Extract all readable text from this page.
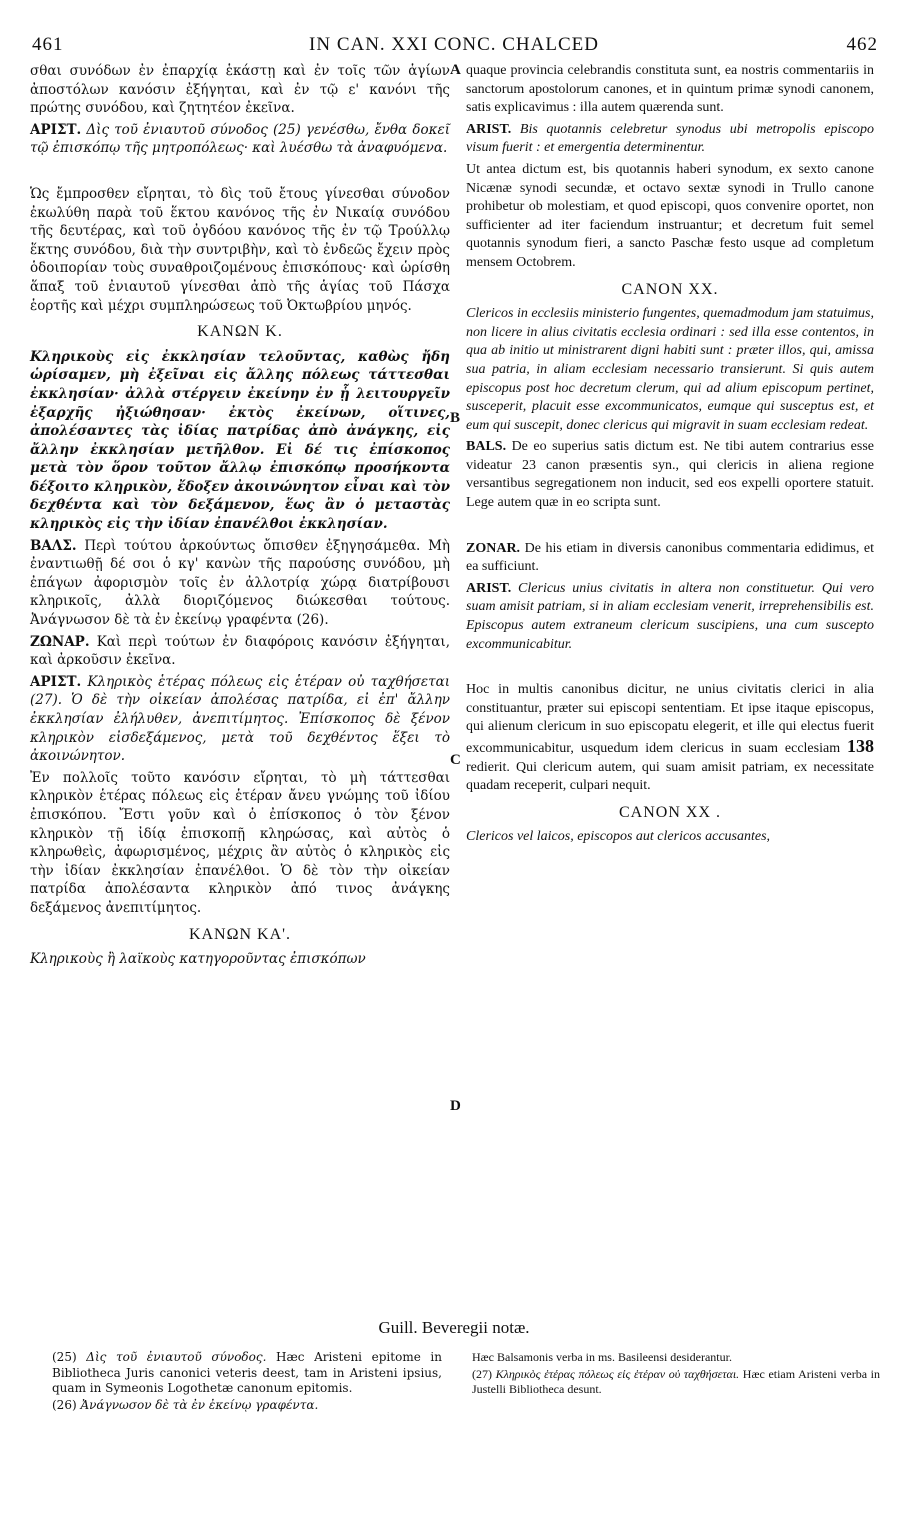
461	IN CAN. XXI CONC. CHALCED	462
A
B
C
D

σθαι συνόδων ἐν ἐπαρχίᾳ ἑκάστῃ καὶ ἐν τοῖς τῶν ἁγίων ἀποστόλων κανόσιν ἐξήγηται, καὶ ἐν τῷ ε' κανόνι τῆς πρώτης συνόδου, καὶ ζητητέον ἐκεῖνα.

ΑΡΙΣΤ. Δὶς τοῦ ἐνιαυτοῦ σύνοδος (25) γενέσθω, ἔνθα δοκεῖ τῷ ἐπισκόπῳ τῆς μητροπόλεως· καὶ λυέσθω τὰ ἀναφυόμενα.

Ὡς ἔμπροσθεν εἴρηται, τὸ δὶς τοῦ ἔτους γίνεσθαι σύνοδον ἐκωλύθη παρὰ τοῦ ἕκτου κανόνος τῆς ἐν Νικαίᾳ συνόδου τῆς δευτέρας, καὶ τοῦ ὀγδόου κανόνος τῆς ἐν τῷ Τρούλλῳ ἕκτης συνόδου, διὰ τὴν συντριβὴν, καὶ τὸ ἐνδεῶς ἔχειν πρὸς ὁδοιπορίαν τοὺς συναθροιζομένους ἐπισκόπους· καὶ ὡρίσθη ἅπαξ τοῦ ἐνιαυτοῦ γίνεσθαι ἀπὸ τῆς ἁγίας τοῦ Πάσχα ἑορτῆς καὶ μέχρι συμπληρώσεως τοῦ Ὀκτωβρίου μηνός.

ΚΑΝΩΝ Κ.

Κληρικοὺς εἰς ἐκκλησίαν τελοῦντας, καθὼς ἤδη ὡρίσαμεν, μὴ ἐξεῖναι εἰς ἄλλης πόλεως τάττεσθαι ἐκκλησίαν· ἀλλὰ στέργειν ἐκείνην ἐν ᾗ λειτουργεῖν ἐξαρχῆς ἠξιώθησαν· ἐκτὸς ἐκείνων, οἵτινες, ἀπολέσαντες τὰς ἰδίας πατρίδας ἀπὸ ἀνάγκης, εἰς ἄλλην ἐκκλησίαν μετῆλθον. Εἰ δέ τις ἐπίσκοπος μετὰ τὸν ὅρον τοῦτον ἄλλῳ ἐπισκόπῳ προσήκοντα δέξοιτο κληρικὸν, ἔδοξεν ἀκοινώνητον εἶναι καὶ τὸν δεχθέντα καὶ τὸν δεξάμενον, ἕως ἂν ὁ μεταστὰς κληρικὸς εἰς τὴν ἰδίαν ἐπανέλθοι ἐκκλησίαν.

ΒΑΛΣ. Περὶ τούτου ἀρκούντως ὄπισθεν ἐξηγησάμεθα. Μὴ ἐναντιωθῇ δέ σοι ὁ κγ' κανὼν τῆς παρούσης συνόδου, μὴ ἐπάγων ἀφορισμὸν τοῖς ἐν ἀλλοτρίᾳ χώρᾳ διατρίβουσι κληρικοῖς, ἀλλὰ διοριζόμενος διώκεσθαι τούτους. Ἀνάγνωσον δὲ τὰ ἐν ἐκείνῳ γραφέντα (26).

ΖΩΝΑΡ. Καὶ περὶ τούτων ἐν διαφόροις κανόσιν ἐξήγηται, καὶ ἀρκοῦσιν ἐκεῖνα.

ΑΡΙΣΤ. Κληρικὸς ἑτέρας πόλεως εἰς ἑτέραν οὐ ταχθήσεται (27). Ὁ δὲ τὴν οἰκείαν ἀπολέσας πατρίδα, εἰ ἐπ' ἄλλην ἐκκλησίαν ἐλήλυθεν, ἀνεπιτίμητος. Ἐπίσκοπος δὲ ξένον κληρικὸν εἰσδεξάμενος, μετὰ τοῦ δεχθέντος ἕξει τὸ ἀκοινώνητον.

Ἐν πολλοῖς τοῦτο κανόσιν εἴρηται, τὸ μὴ τάττεσθαι κληρικὸν ἑτέρας πόλεως εἰς ἑτέραν ἄνευ γνώμης τοῦ ἰδίου ἐπισκόπου. Ἔστι γοῦν καὶ ὁ ἐπίσκοπος ὁ τὸν ξένον κληρικὸν τῇ ἰδίᾳ ἐπισκοπῇ κληρώσας, καὶ αὐτὸς ὁ κληρωθεὶς, ἀφωρισμένος, μέχρις ἂν αὐτὸς ὁ κληρικὸς εἰς τὴν ἰδίαν ἐκκλησίαν ἐπανέλθοι. Ὁ δὲ τὸν τὴν οἰκείαν πατρίδα ἀπολέσαντα κληρικὸν ἀπό τινος ἀνάγκης δεξάμενος ἀνεπιτίμητος.

ΚΑΝΩΝ ΚΑ'.

Κληρικοὺς ἢ λαϊκοὺς κατηγοροῦντας ἐπισκόπων

quaque provincia celebrandis constituta sunt, ea nostris commentariis in sanctorum apostolorum canones, et in quintum primæ synodi canonem, satis explicavimus : illa autem quærenda sunt.

ARIST. Bis quotannis celebretur synodus ubi metropolis episcopo visum fuerit : et emergentia determinentur.

Ut antea dictum est, bis quotannis haberi synodum, ex sexto canone Nicænæ synodi secundæ, et octavo sextæ synodi in Trullo canone prohibetur ob molestiam, et quod episcopi, quos convenire oportet, non sufficienter ad iter faciendum instruantur; et decretum fuit semel quotannis synodum fieri, a sancto Paschæ festo usque ad completum mensem Octobrem.

CANON XX.

Clericos in ecclesiis ministerio fungentes, quemadmodum jam statuimus, non licere in alius civitatis ecclesia ordinari : sed illa esse contentos, in qua ab initio ut ministrarent digni habiti sunt : præter illos, qui, amissa sua patria, in aliam ecclesiam necessario transierunt. Si quis autem episcopus post hoc decretum clerum, qui ad alium episcopum pertinet, susceperit, placuit esse excommunicatos, eumque qui susceptus est, et eum qui suscepit, donec clericus qui migravit in suam ecclesiam redeat.

BALS. De eo superius satis dictum est. Ne tibi autem contrarius esse videatur 23 canon præsentis syn., qui clericis in aliena regione versantibus segregationem non inducit, sed eos expelli oportere statuit. Lege autem quæ in eo scripta sunt.

ZONAR. De his etiam in diversis canonibus commentaria edidimus, et ea sufficiunt.

ARIST. Clericus unius civitatis in altera non constituetur. Qui vero suam amisit patriam, si in aliam ecclesiam venerit, irreprehensibilis est. Episcopus autem extraneum clericum suscipiens, una cum suscepto excommunicabitur.

Hoc in multis canonibus dicitur, ne unius civitatis clerici in alia constituantur, præter sui episcopi sententiam. Et ipse itaque episcopus, qui alienum clericum in suo episcopatu elegerit, et ille qui electus fuerit excommunicabitur, usquedum idem clericus in suam ecclesiam 138 redierit. Qui clericum autem, qui suam amisit patriam, ex necessitate quadam receperit, culpari nequit.

CANON XX .

Clericos vel laicos, episcopos aut clericos accusantes,

Guill. Beveregii notæ.

(25) Δὶς τοῦ ἐνιαυτοῦ σύνοδος. Hæc Aristeni epitome in Bibliotheca Juris canonici veteris deest, tam in Aristeni ipsius, quam in Symeonis Logothetæ canonum epitomis.

(26) Ἀνάγνωσον δὲ τὰ ἐν ἐκείνῳ γραφέντα.

Hæc Balsamonis verba in ms. Basileensi desiderantur.

(27) Κληρικὸς ἑτέρας πόλεως εἰς ἑτέραν οὐ ταχθήσεται. Hæc etiam Aristeni verba in Justelli Bibliotheca desunt.
